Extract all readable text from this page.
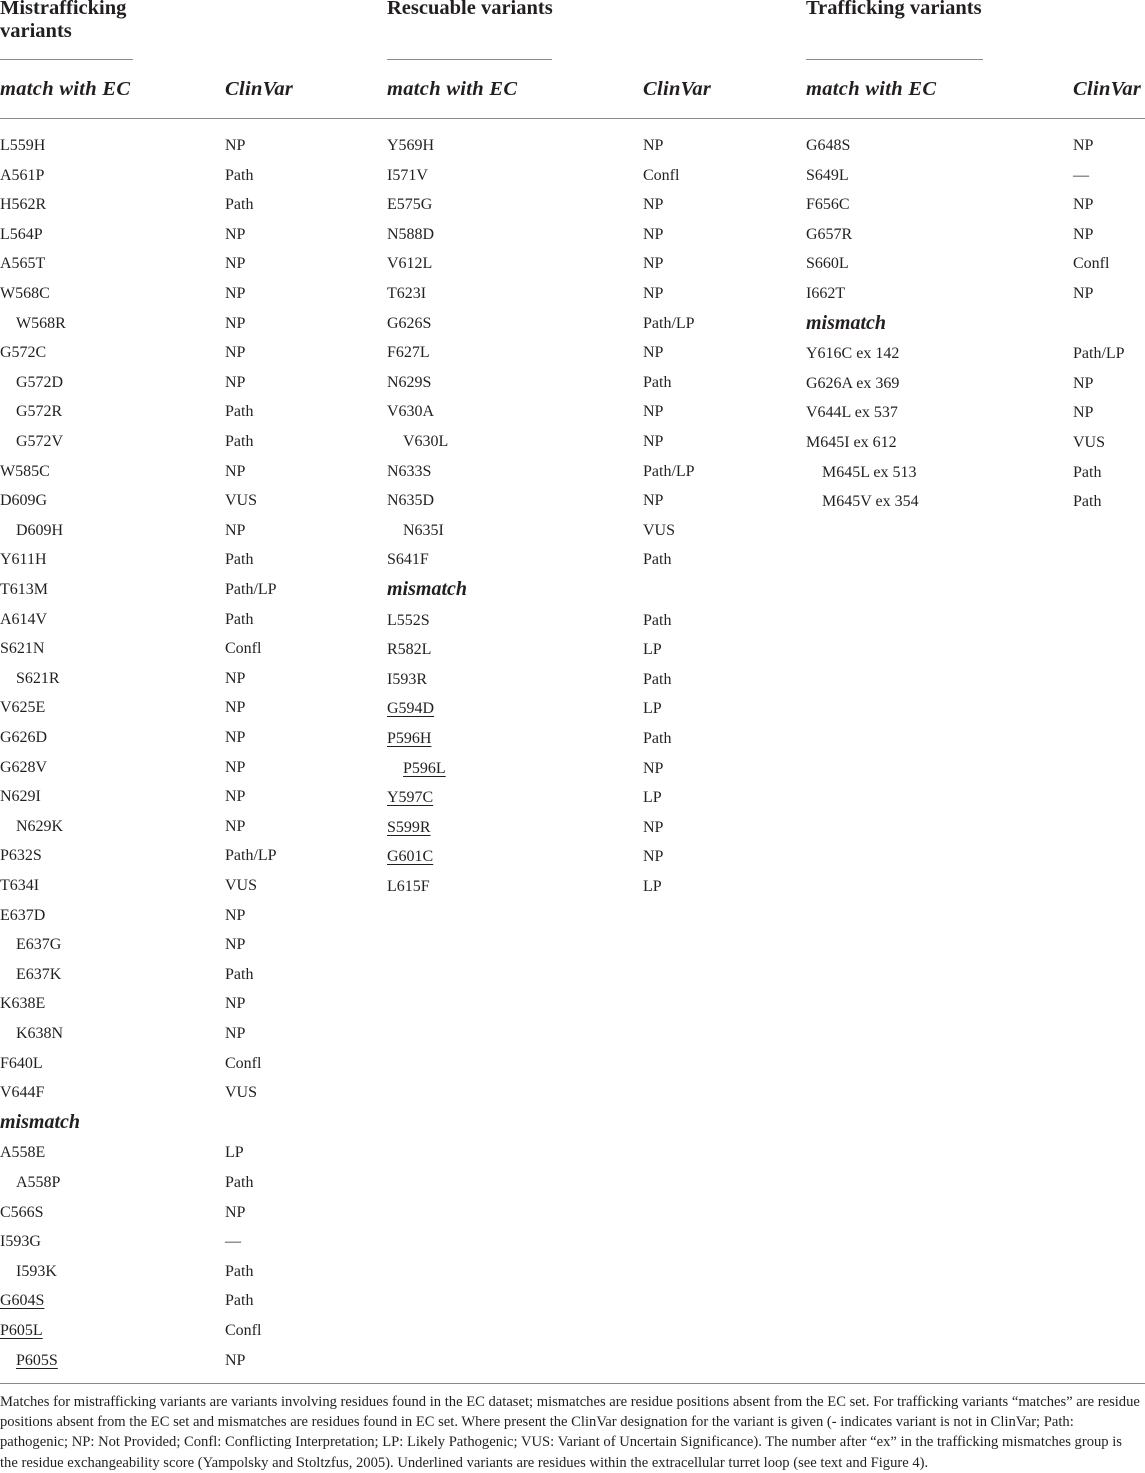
Mistrafficking
variants
match with EC	ClinVar
L559H	NP
A561P	Path
H562R	Path
L564P	NP
A565T	NP
W568C	NP
W568R	NP
G572C	NP
G572D	NP
G572R	Path
G572V	Path
W585C	NP
D609G	VUS
D609H	NP
Y611H	Path
T613M	Path/LP
A614V	Path
S621N	Confl
S621R	NP
V625E	NP
G626D	NP
G628V	NP
N629I	NP
N629K	NP
P632S	Path/LP
T634I	VUS
E637D	NP
E637G	NP
E637K	Path
K638E	NP
K638N	NP
F640L	Confl
V644F	VUS
mismatch
A558E	LP
A558P	Path
C566S	NP
I593G	—
I593K	Path
G604S	Path
P605L	Confl
P605S	NP
Rescuable variants
match with EC	ClinVar
Y569H	NP
I571V	Confl
E575G	NP
N588D	NP
V612L	NP
T623I	NP
G626S	Path/LP
F627L	NP
N629S	Path
V630A	NP
V630L	NP
N633S	Path/LP
N635D	NP
N635I	VUS
S641F	Path
mismatch
L552S	Path
R582L	LP
I593R	Path
G594D	LP
P596H	Path
P596L	NP
Y597C	LP
S599R	NP
G601C	NP
L615F	LP
Trafficking variants
match with EC	ClinVar
G648S	NP
S649L	—
F656C	NP
G657R	NP
S660L	Confl
I662T	NP
mismatch
Y616C ex 142	Path/LP
G626A ex 369	NP
V644L ex 537	NP
M645I ex 612	VUS
M645L ex 513	Path
M645V ex 354	Path
Matches for mistrafficking variants are variants involving residues found in the EC dataset; mismatches are residue positions absent from the EC set. For trafficking variants “matches” are residue positions absent from the EC set and mismatches are residues found in EC set. Where present the ClinVar designation for the variant is given (- indicates variant is not in ClinVar; Path: pathogenic; NP: Not Provided; Confl: Conflicting Interpretation; LP: Likely Pathogenic; VUS: Variant of Uncertain Significance). The number after “ex” in the trafficking mismatches group is the residue exchangeability score (Yampolsky and Stoltzfus, 2005). Underlined variants are residues within the extracellular turret loop (see text and Figure 4).
